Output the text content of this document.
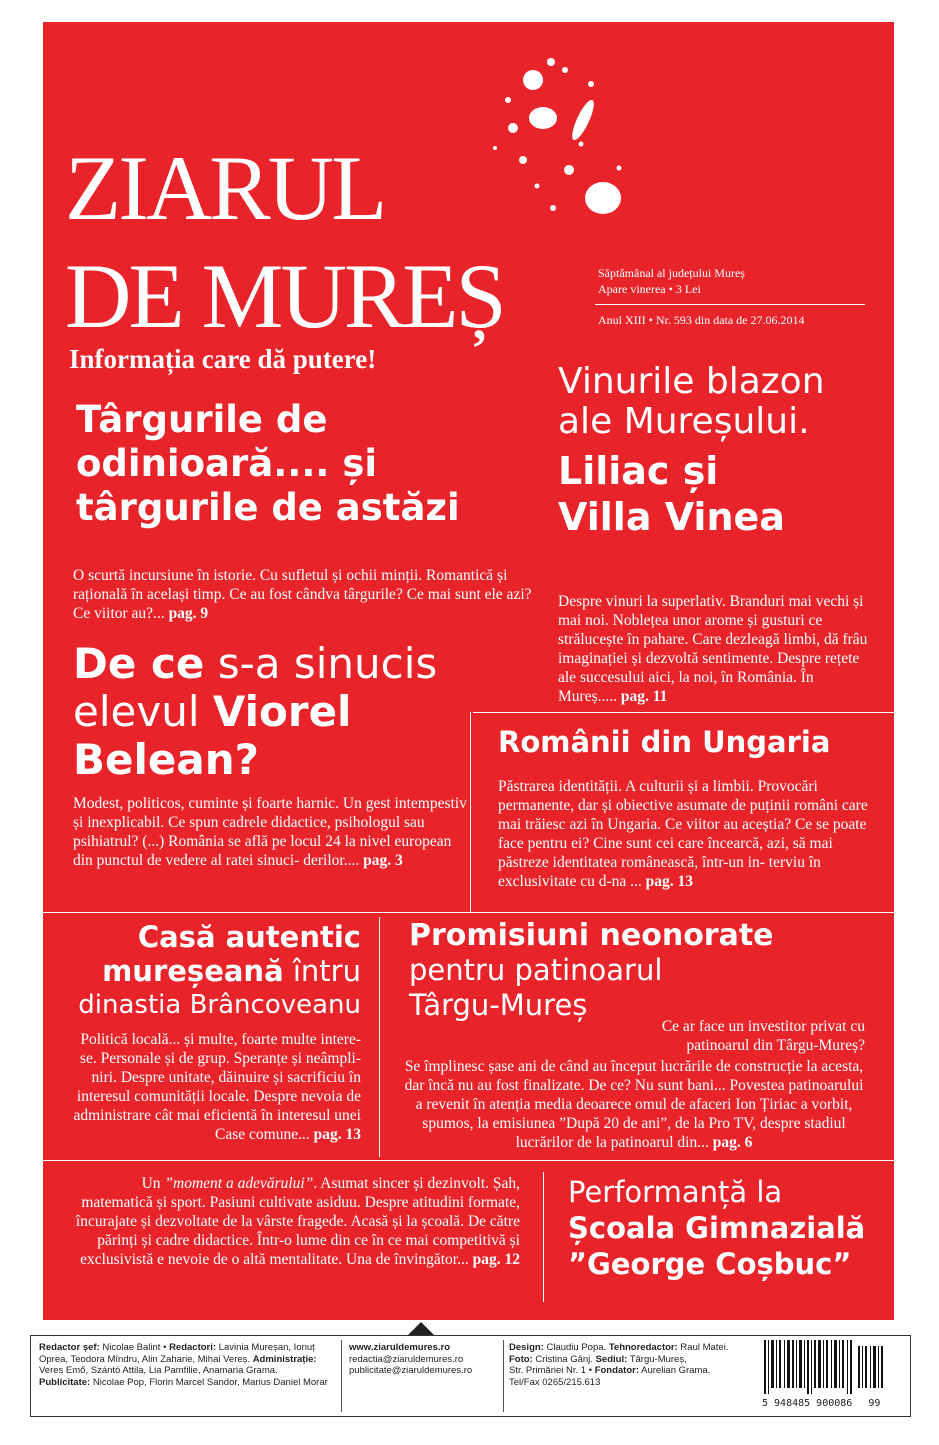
ZIARUL
DE MUREȘ
Informația care dă putere!
Săptămânal al județului Mureș
Apare vinerea • 3 Lei
Anul XIII • Nr. 593 din data de 27.06.2014
Târgurile de
odinioară.... și
târgurile de astăzi
O scurtă incursiune în istorie. Cu sufletul și ochii minții. Romantică și rațională în același timp. Ce au fost cândva târgurile? Ce mai sunt ele azi? Ce viitor au?... pag. 9
Vinurile blazon
ale Mureșului.
Liliac și
Villa Vinea
Despre vinuri la superlativ. Branduri mai vechi și mai noi. Noblețea unor arome și gusturi ce strălucește în pahare. Care dezleagă limbi, dă frâu imaginației și dezvoltă sentimente. Despre rețete ale succesului aici, la noi, în România. În Mureș..... pag. 11
De ce s-a sinucis
elevul Viorel
Belean?
Modest, politicos, cuminte și foarte harnic. Un gest intempestiv și inexplicabil. Ce spun cadrele didactice, psihologul sau psihiatrul? (...) România se află pe locul 24 la nivel european din punctul de vedere al ratei sinuci- derilor.... pag. 3
Românii din Ungaria
Păstrarea identității. A culturii și a limbii. Provocări permanente, dar și obiective asumate de puținii români care mai trăiesc azi în Ungaria. Ce viitor au aceștia? Ce se poate face pentru ei? Cine sunt cei care încearcă, azi, să mai păstreze identitatea românească, într-un in- terviu în exclusivitate cu d-na ... pag. 13
Casă autentic
mureșeană întru
dinastia Brâncoveanu
Politică locală... și multe, foarte multe intere- se. Personale și de grup. Speranțe și neâmpli- niri. Despre unitate, dăinuire și sacrificiu în interesul comunității locale. Despre nevoia de administrare cât mai eficientă în interesul unei Case comune... pag. 13
Promisiuni neonorate
pentru patinoarul
Târgu-Mureș
Ce ar face un investitor privat cu patinoarul din Târgu-Mureș?
Se împlinesc șase ani de când au început lucrările de construcție la acesta, dar încă nu au fost finalizate. De ce? Nu sunt bani... Povestea patinoarului a revenit în atenția media deoarece omul de afaceri Ion Țiriac a vorbit, spumos, la emisiunea ”După 20 de ani”, de la Pro TV, despre stadiul lucrărilor de la patinoarul din... pag. 6
Un ”moment a adevărului”. Asumat sincer și dezinvolt. Șah, matematică și sport. Pasiuni cultivate asiduu. Despre atitudini formate, încurajate și dezvoltate de la vârste fragede. Acasă și la școală. De către părinți și cadre didactice. Într-o lume din ce în ce mai competitivă și exclusivistă e nevoie de o altă mentalitate. Una de învingător... pag. 12
Performanță la
Școala Gimnazială
”George Coșbuc”
Redactor șef: Nicolae Balint • Redactori: Lavinia Mureșan, Ionuț
Oprea, Teodora Mîndru, Alin Zaharie, Mihai Vereș. Administrație:
Veres Emő, Szántó Attila, Lia Pamfilie, Anamaria Grama.
Publicitate: Nicolae Pop, Florin Marcel Sandor, Marius Daniel Morar
www.ziaruldemures.ro
redactia@ziaruldemures.ro
publicitate@ziaruldemures.ro
Design: Claudiu Popa. Tehnoredactor: Raul Matei.
Foto: Cristina Gânj. Sediul: Târgu-Mureș,
Str. Primăriei Nr. 1 • Fondator: Aurelian Grama.
Tel/Fax 0265/215.613
5 948485 900086 99
